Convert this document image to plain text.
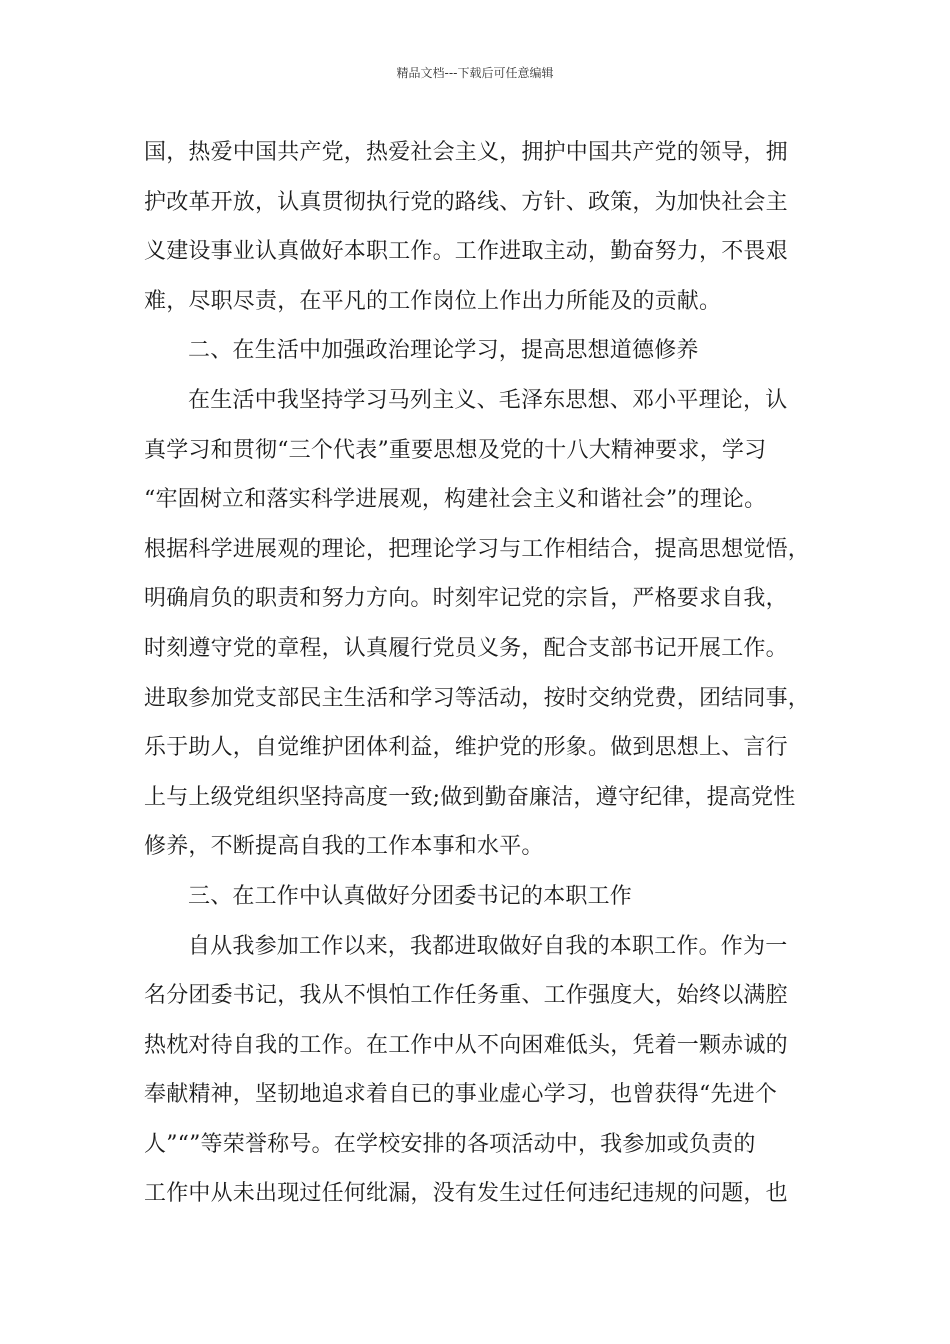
精品文档---下载后可任意编辑
国，热爱中国共产党，热爱社会主义，拥护中国共产党的领导，拥
护改革开放，认真贯彻执行党的路线、方针、政策，为加快社会主
义建设事业认真做好本职工作。工作进取主动，勤奋努力，不畏艰
难，尽职尽责，在平凡的工作岗位上作出力所能及的贡献。
二、在生活中加强政治理论学习，提高思想道德修养
在生活中我坚持学习马列主义、毛泽东思想、邓小平理论，认
真学习和贯彻“三个代表”重要思想及党的十八大精神要求，学习
“牢固树立和落实科学进展观，构建社会主义和谐社会”的理论。
根据科学进展观的理论，把理论学习与工作相结合，提高思想觉悟，
明确肩负的职责和努力方向。时刻牢记党的宗旨，严格要求自我，
时刻遵守党的章程，认真履行党员义务，配合支部书记开展工作。
进取参加党支部民主生活和学习等活动，按时交纳党费，团结同事，
乐于助人，自觉维护团体利益，维护党的形象。做到思想上、言行
上与上级党组织坚持高度一致;做到勤奋廉洁，遵守纪律，提高党性
修养，不断提高自我的工作本事和水平。
三、在工作中认真做好分团委书记的本职工作
自从我参加工作以来，我都进取做好自我的本职工作。作为一
名分团委书记，我从不惧怕工作任务重、工作强度大，始终以满腔
热枕对待自我的工作。在工作中从不向困难低头，凭着一颗赤诚的
奉献精神，坚韧地追求着自已的事业虚心学习，也曾获得“先进个
人”“”等荣誉称号。在学校安排的各项活动中，我参加或负责的
工作中从未出现过任何纰漏，没有发生过任何违纪违规的问题，也
